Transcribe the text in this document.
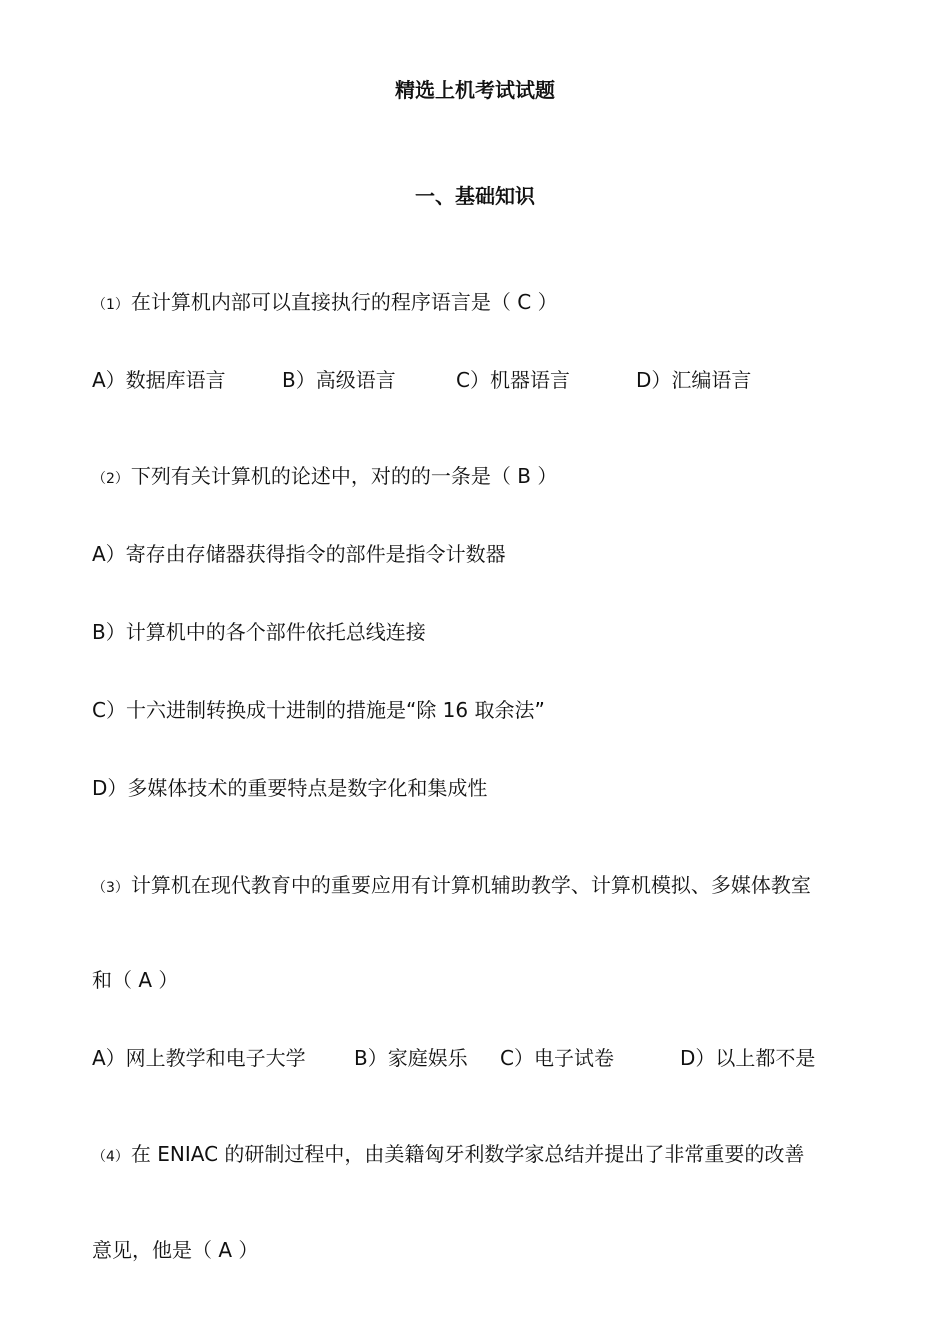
精选上机考试试题
一、基础知识
（1） 在计算机内部可以直接执行的程序语言是（ C ）
A）数据库语言	B）高级语言	C）机器语言	D）汇编语言
（2） 下列有关计算机的论述中，对的的一条是（ B ）
A）寄存由存储器获得指令的部件是指令计数器
B）计算机中的各个部件依托总线连接
C）十六进制转换成十进制的措施是“除 16 取余法”
D）多媒体技术的重要特点是数字化和集成性
（3） 计算机在现代教育中的重要应用有计算机辅助教学、计算机模拟、多媒体教室
和（ A ）
A）网上教学和电子大学 B）家庭娱乐 C）电子试卷	D）以上都不是
（4） 在 ENIAC 的研制过程中，由美籍匈牙利数学家总结并提出了非常重要的改善
意见，他是（ A ）
